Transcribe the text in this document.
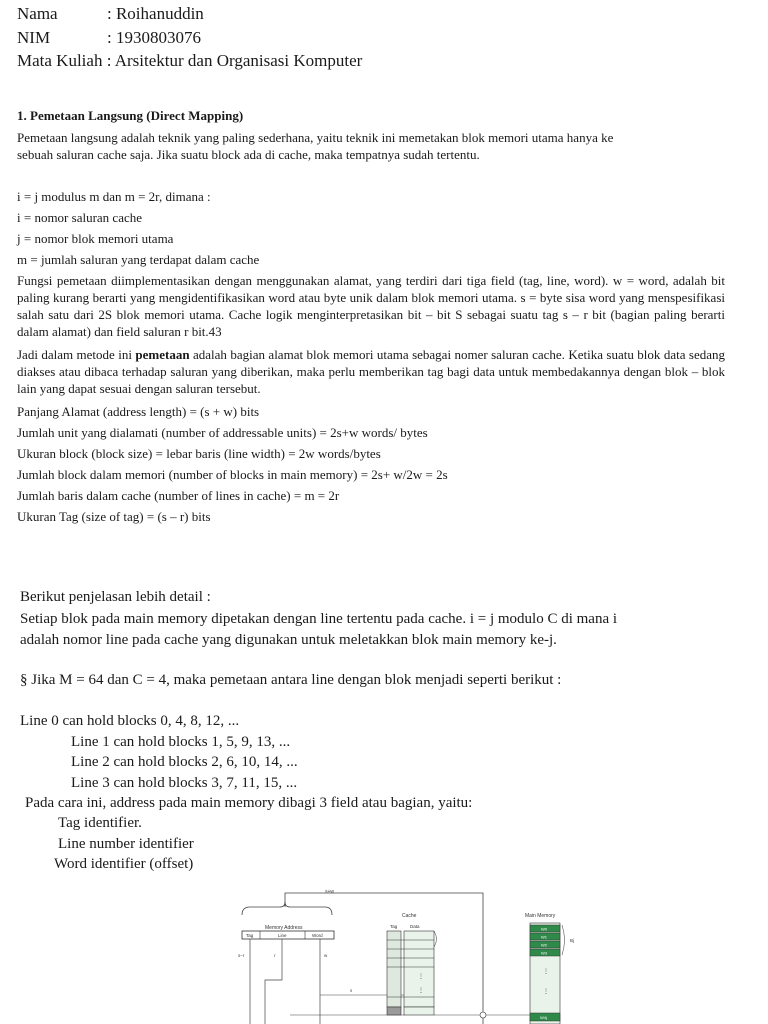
Nama	: Roihanuddin
NIM	: 1930803076
Mata Kuliah : Arsitektur dan Organisasi Komputer
1. Pemetaan Langsung (Direct Mapping)
Pemetaan langsung adalah teknik yang paling sederhana, yaitu teknik ini memetakan blok memori utama hanya ke
sebuah saluran cache saja. Jika suatu block ada di cache, maka tempatnya sudah tertentu.
i = j modulus m dan m = 2r, dimana :
i = nomor saluran cache
j = nomor blok memori utama
m = jumlah saluran yang terdapat dalam cache
Fungsi pemetaan diimplementasikan dengan menggunakan alamat, yang terdiri dari tiga field (tag, line, word). w = word, adalah bit paling kurang berarti yang mengidentifikasikan word atau byte unik dalam blok memori utama. s = byte sisa word yang menspesifikasi salah satu dari 2S blok memori utama. Cache logik menginterpretasikan bit – bit S sebagai suatu tag s – r bit (bagian paling berarti dalam alamat) dan field saluran r bit.43
Jadi dalam metode ini pemetaan adalah bagian alamat blok memori utama sebagai nomer saluran cache. Ketika suatu blok data sedang diakses atau dibaca terhadap saluran yang diberikan, maka perlu memberikan tag bagi data untuk membedakannya dengan blok – blok lain yang dapat sesuai dengan saluran tersebut.
Panjang Alamat (address length) = (s + w) bits
Jumlah unit yang dialamati (number of addressable units) = 2s+w words/ bytes
Ukuran block (block size) = lebar baris (line width) = 2w words/bytes
Jumlah block dalam memori (number of blocks in main memory) = 2s+ w/2w = 2s
Jumlah baris dalam cache (number of lines in cache) = m = 2r
Ukuran Tag (size of tag) = (s – r) bits
Berikut penjelasan lebih detail :
Setiap blok pada main memory dipetakan dengan line tertentu pada cache. i = j modulo C di mana i
adalah nomor line pada cache yang digunakan untuk meletakkan blok main memory ke-j.
§ Jika M = 64 dan C = 4, maka pemetaan antara line dengan blok menjadi seperti berikut :
Line 0 can hold blocks 0, 4, 8, 12, ...
Line 1 can hold blocks 1, 5, 9, 13, ...
Line 2 can hold blocks 2, 6, 10, 14, ...
Line 3 can hold blocks 3, 7, 11, 15, ...
Pada cara ini, address pada main memory dibagi 3 field atau bagian, yaitu:
Tag identifier.
Line number identifier
Word identifier (offset)
s+w
Memory Address
Tag	Line	Word
s–r	r	w
s
Cache
Tag	Data
⋮
⋮
Main Memory
W0
W1
W2
W3
⋮
⋮
W4j
Bj
